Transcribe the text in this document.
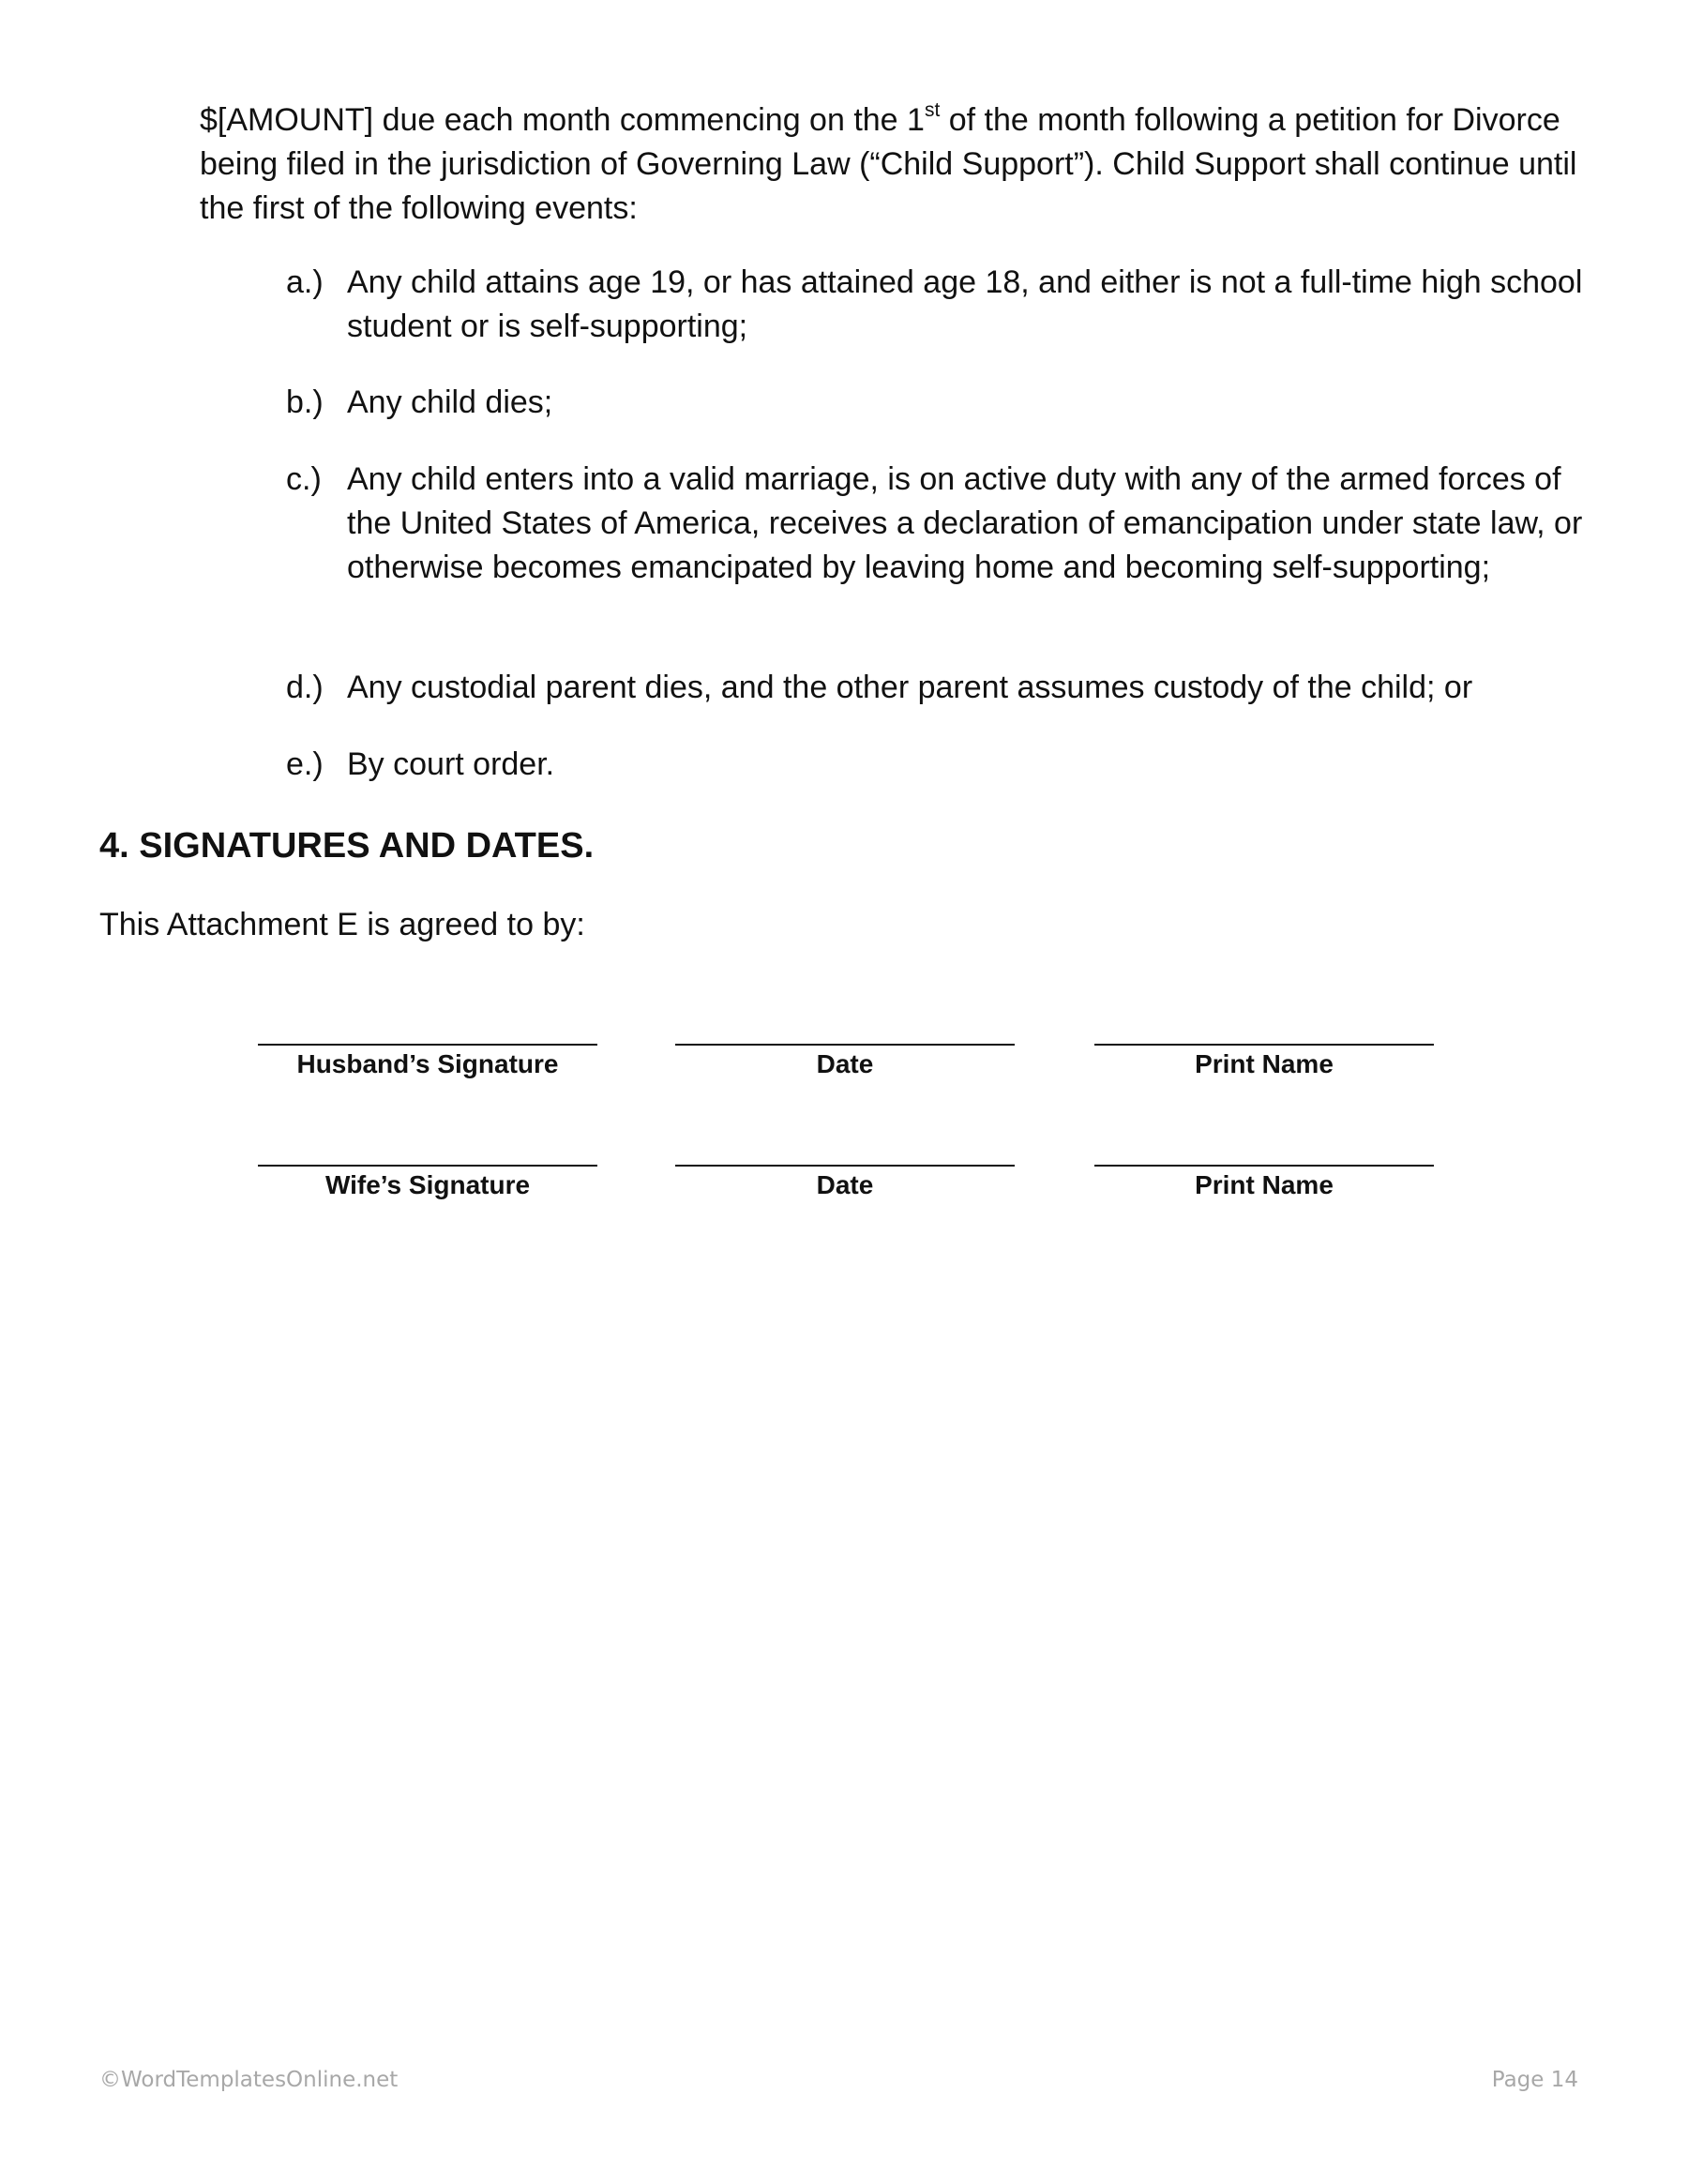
$[AMOUNT] due each month commencing on the 1st of the month following a petition for Divorce being filed in the jurisdiction of Governing Law (“Child Support”). Child Support shall continue until the first of the following events:

a.) Any child attains age 19, or has attained age 18, and either is not a full-time high school student or is self-supporting;
b.) Any child dies;
c.) Any child enters into a valid marriage, is on active duty with any of the armed forces of the United States of America, receives a declaration of emancipation under state law, or otherwise becomes emancipated by leaving home and becoming self-supporting;
d.) Any custodial parent dies, and the other parent assumes custody of the child; or
e.) By court order.
4. SIGNATURES AND DATES.

This Attachment E is agreed to by:

Husband’s Signature	Date	Print Name
Wife’s Signature	Date	Print Name
©WordTemplatesOnline.net	Page 14
